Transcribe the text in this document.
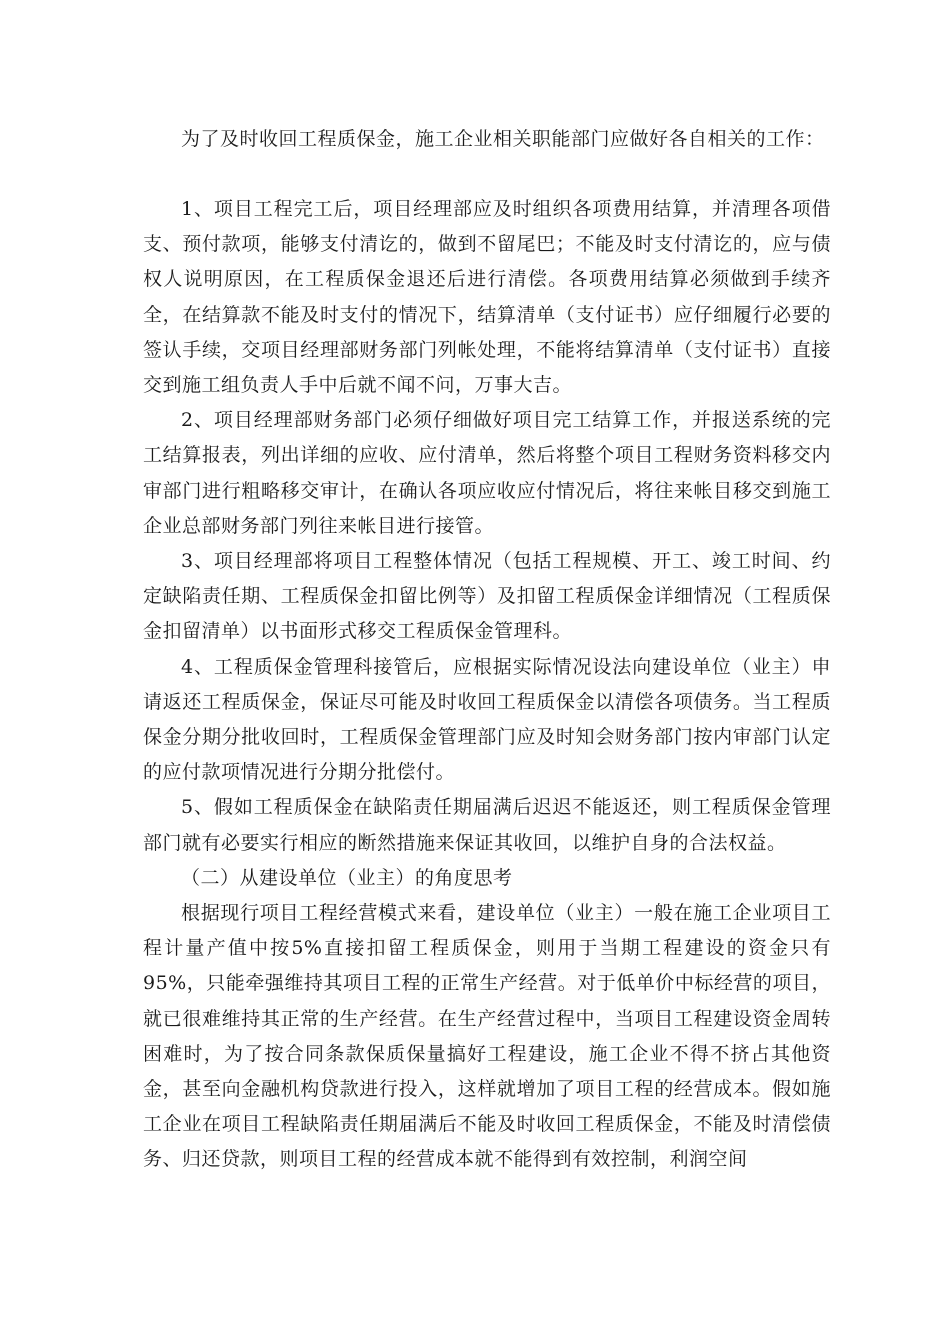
为了及时收回工程质保金，施工企业相关职能部门应做好各自相关的工作：

1、项目工程完工后，项目经理部应及时组织各项费用结算，并清理各项借支、预付款项，能够支付清讫的，做到不留尾巴；不能及时支付清讫的，应与债权人说明原因，在工程质保金退还后进行清偿。各项费用结算必须做到手续齐全，在结算款不能及时支付的情况下，结算清单（支付证书）应仔细履行必要的签认手续，交项目经理部财务部门列帐处理，不能将结算清单（支付证书）直接交到施工组负责人手中后就不闻不问，万事大吉。

2、项目经理部财务部门必须仔细做好项目完工结算工作，并报送系统的完工结算报表，列出详细的应收、应付清单，然后将整个项目工程财务资料移交内审部门进行粗略移交审计，在确认各项应收应付情况后，将往来帐目移交到施工企业总部财务部门列往来帐目进行接管。

3、项目经理部将项目工程整体情况（包括工程规模、开工、竣工时间、约定缺陷责任期、工程质保金扣留比例等）及扣留工程质保金详细情况（工程质保金扣留清单）以书面形式移交工程质保金管理科。

4、工程质保金管理科接管后，应根据实际情况设法向建设单位（业主）申请返还工程质保金，保证尽可能及时收回工程质保金以清偿各项债务。当工程质保金分期分批收回时，工程质保金管理部门应及时知会财务部门按内审部门认定的应付款项情况进行分期分批偿付。

5、假如工程质保金在缺陷责任期届满后迟迟不能返还，则工程质保金管理部门就有必要实行相应的断然措施来保证其收回，以维护自身的合法权益。

（二）从建设单位（业主）的角度思考

根据现行项目工程经营模式来看，建设单位（业主）一般在施工企业项目工程计量产值中按5%直接扣留工程质保金，则用于当期工程建设的资金只有95%，只能牵强维持其项目工程的正常生产经营。对于低单价中标经营的项目，就已很难维持其正常的生产经营。在生产经营过程中，当项目工程建设资金周转困难时，为了按合同条款保质保量搞好工程建设，施工企业不得不挤占其他资金，甚至向金融机构贷款进行投入，这样就增加了项目工程的经营成本。假如施工企业在项目工程缺陷责任期届满后不能及时收回工程质保金，不能及时清偿债务、归还贷款，则项目工程的经营成本就不能得到有效控制，利润空间
